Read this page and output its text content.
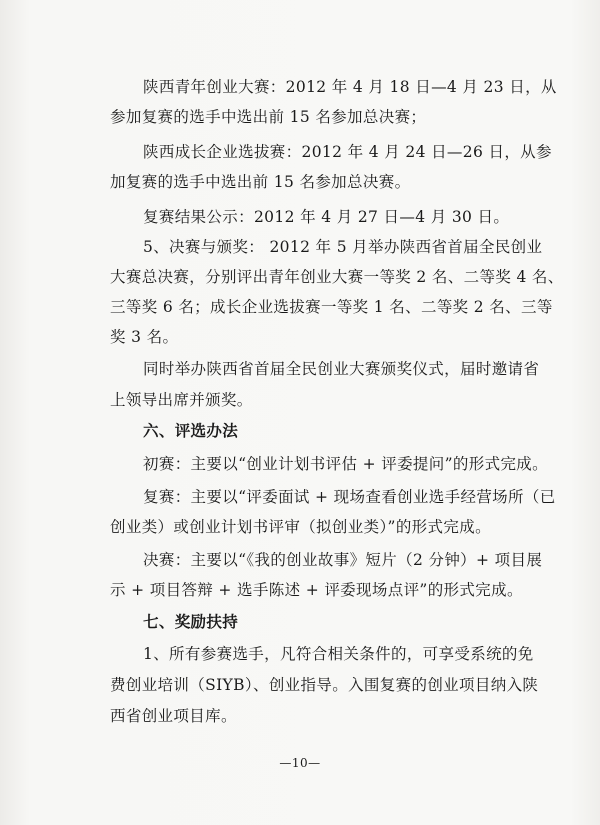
陕西青年创业大赛：2012 年 4 月 18 日—4 月 23 日，从
参加复赛的选手中选出前 15 名参加总决赛；
陕西成长企业选拔赛：2012 年 4 月 24 日—26 日，从参
加复赛的选手中选出前 15 名参加总决赛。
复赛结果公示：2012 年 4 月 27 日—4 月 30 日。
5、决赛与颁奖： 2012 年 5 月举办陕西省首届全民创业
大赛总决赛，分别评出青年创业大赛一等奖 2 名、二等奖 4 名、
三等奖 6 名；成长企业选拔赛一等奖 1 名、二等奖 2 名、三等
奖 3 名。
同时举办陕西省首届全民创业大赛颁奖仪式，届时邀请省
上领导出席并颁奖。
六、评选办法
初赛：主要以“创业计划书评估 + 评委提问”的形式完成。
复赛：主要以“评委面试 + 现场查看创业选手经营场所（已
创业类）或创业计划书评审（拟创业类）”的形式完成。
决赛：主要以“《我的创业故事》短片（2 分钟）+ 项目展
示 + 项目答辩 + 选手陈述 + 评委现场点评”的形式完成。
七、奖励扶持
1、所有参赛选手，凡符合相关条件的，可享受系统的免
费创业培训（SIYB）、创业指导。入围复赛的创业项目纳入陕
西省创业项目库。
—10—
